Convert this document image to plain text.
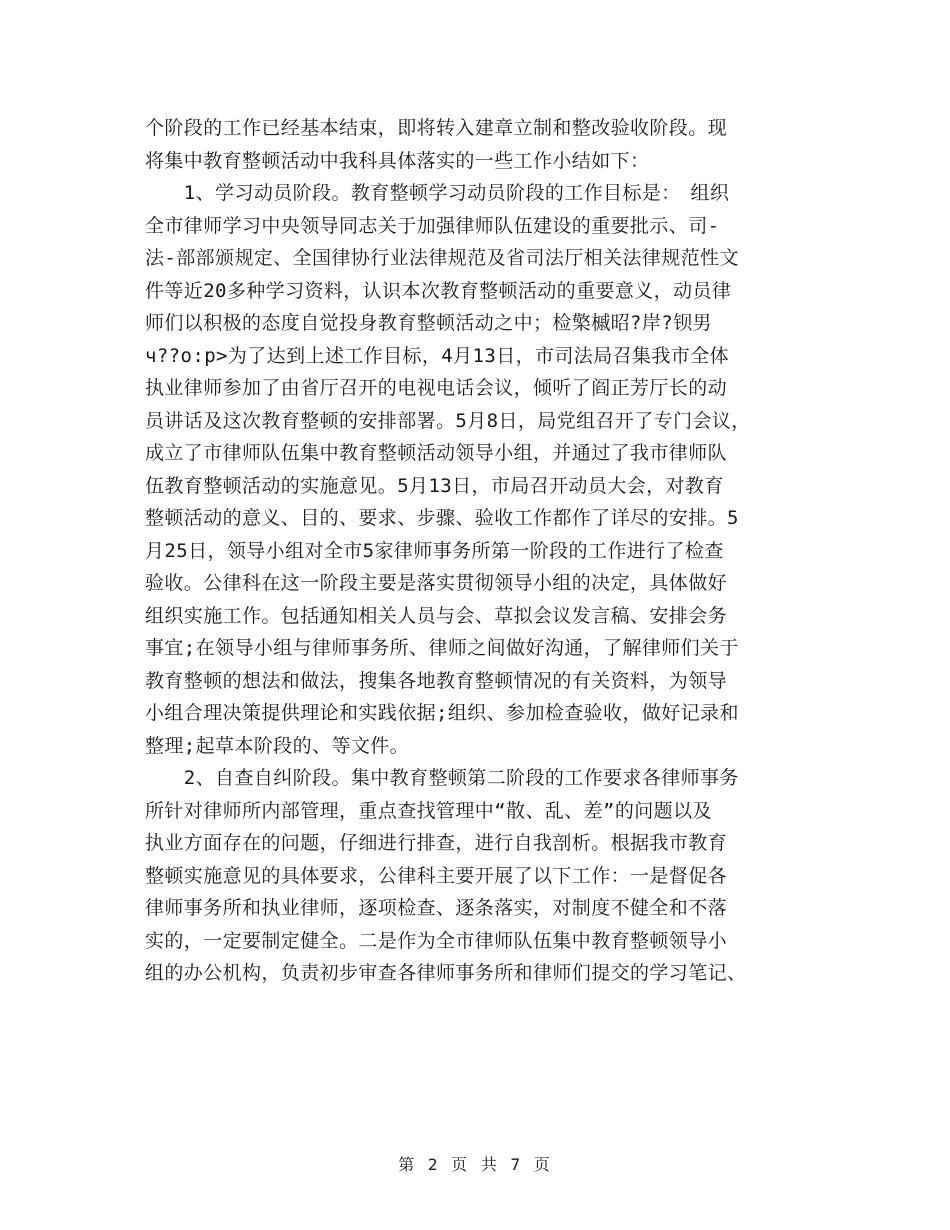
个阶段的工作已经基本结束，即将转入建章立制和整改验收阶段。现
将集中教育整顿活动中我科具体落实的一些工作小结如下：
　　1、学习动员阶段。教育整顿学习动员阶段的工作目标是：　组织
全市律师学习中央领导同志关于加强律师队伍建设的重要批示、司-
法-部部颁规定、全国律协行业法律规范及省司法厅相关法律规范性文
件等近20多种学习资料，认识本次教育整顿活动的重要意义，动员律
师们以积极的态度自觉投身教育整顿活动之中；检檠槭昭?岸?钡男
ч??o:p>为了达到上述工作目标，4月13日，市司法局召集我市全体
执业律师参加了由省厅召开的电视电话会议，倾听了阎正芳厅长的动
员讲话及这次教育整顿的安排部署。5月8日，局党组召开了专门会议，
成立了市律师队伍集中教育整顿活动领导小组，并通过了我市律师队
伍教育整顿活动的实施意见。5月13日，市局召开动员大会，对教育
整顿活动的意义、目的、要求、步骤、验收工作都作了详尽的安排。5
月25日，领导小组对全市5家律师事务所第一阶段的工作进行了检查
验收。公律科在这一阶段主要是落实贯彻领导小组的决定，具体做好
组织实施工作。包括通知相关人员与会、草拟会议发言稿、安排会务
事宜;在领导小组与律师事务所、律师之间做好沟通，了解律师们关于
教育整顿的想法和做法，搜集各地教育整顿情况的有关资料，为领导
小组合理决策提供理论和实践依据;组织、参加检查验收，做好记录和
整理;起草本阶段的、等文件。
　　2、自查自纠阶段。集中教育整顿第二阶段的工作要求各律师事务
所针对律师所内部管理，重点查找管理中“散、乱、差”的问题以及
执业方面存在的问题，仔细进行排查，进行自我剖析。根据我市教育
整顿实施意见的具体要求，公律科主要开展了以下工作：一是督促各
律师事务所和执业律师，逐项检查、逐条落实，对制度不健全和不落
实的，一定要制定健全。二是作为全市律师队伍集中教育整顿领导小
组的办公机构，负责初步审查各律师事务所和律师们提交的学习笔记、
第 2 页 共 7 页
